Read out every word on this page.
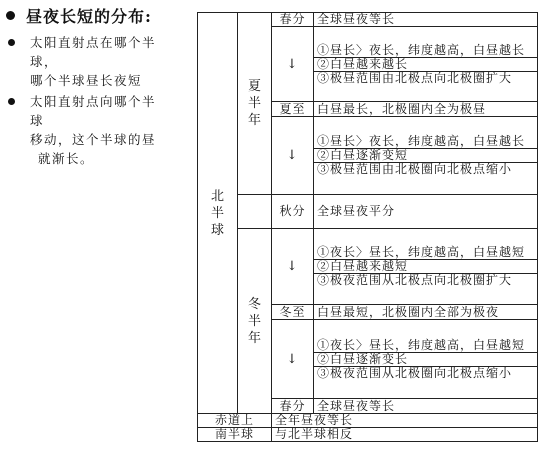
昼夜长短的分布:
太阳直射点在哪个半
球，
哪个半球昼长夜短
太阳直射点向哪个半
球
移动，这个半球的昼
就渐长。
北半球	夏半年	春分	全球昼夜等长
		↓	①昼长〉夜长，纬度越高，白昼越长
②白昼越来越长
③极昼范围由北极点向北极圈扩大

		夏至	白昼最长，北极圈内全为极昼
		↓	①昼长〉夜长，纬度越高，白昼越长
②白昼逐渐变短
③极昼范围由北极圈向北极点缩小

		秋分	全球昼夜平分
	冬半年	↓	①夜长〉昼长，纬度越高，白昼越短
②白昼越来越短
③极夜范围从北极点向北极圈扩大

		冬至	白昼最短，北极圈内全部为极夜
		↓	①夜长〉昼长，纬度越高，白昼越短
②白昼逐渐变长
③极夜范围从北极圈向北极点缩小

		春分	全球昼夜等长
赤道上		全年昼夜等长	
南半球		与北半球相反	
